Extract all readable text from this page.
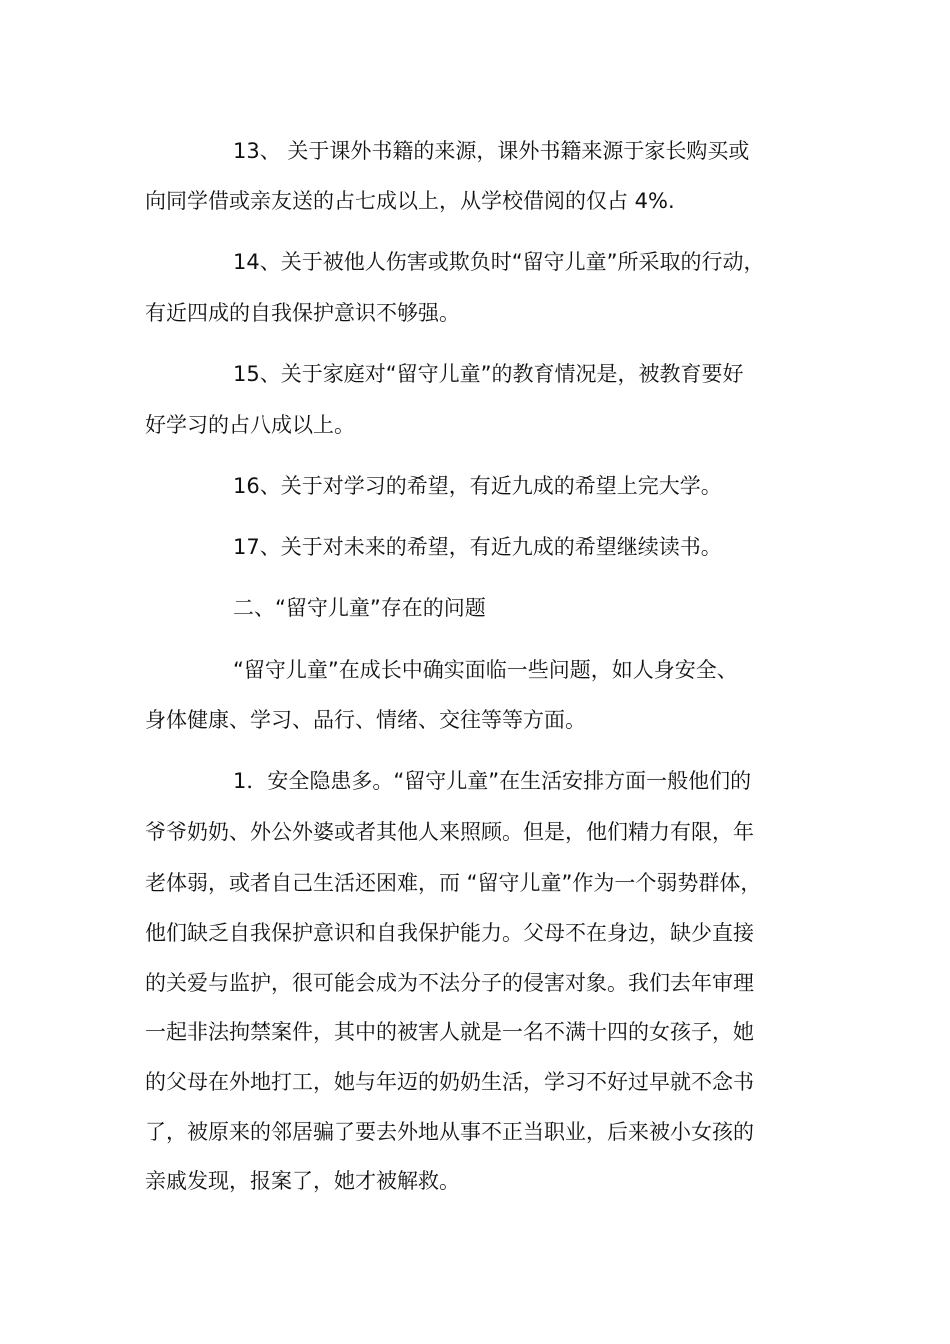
13、 关于课外书籍的来源，课外书籍来源于家长购买或
向同学借或亲友送的占七成以上，从学校借阅的仅占 4%.
14、关于被他人伤害或欺负时“留守儿童”所采取的行动，
有近四成的自我保护意识不够强。
15、关于家庭对“留守儿童”的教育情况是，被教育要好
好学习的占八成以上。
16、关于对学习的希望，有近九成的希望上完大学。
17、关于对未来的希望，有近九成的希望继续读书。
二、“留守儿童”存在的问题
“留守儿童”在成长中确实面临一些问题，如人身安全、
身体健康、学习、品行、情绪、交往等等方面。
1．安全隐患多。“留守儿童”在生活安排方面一般他们的
爷爷奶奶、外公外婆或者其他人来照顾。但是，他们精力有限，年
老体弱，或者自己生活还困难，而 “留守儿童”作为一个弱势群体，
他们缺乏自我保护意识和自我保护能力。父母不在身边，缺少直接
的关爱与监护，很可能会成为不法分子的侵害对象。我们去年审理
一起非法拘禁案件，其中的被害人就是一名不满十四的女孩子，她
的父母在外地打工，她与年迈的奶奶生活，学习不好过早就不念书
了，被原来的邻居骗了要去外地从事不正当职业，后来被小女孩的
亲戚发现，报案了，她才被解救。
